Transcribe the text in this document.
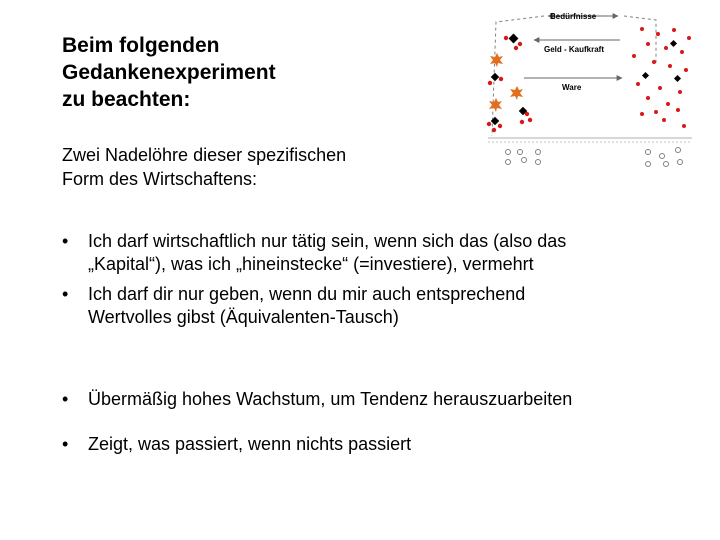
Beim folgenden
Gedankenexperiment
zu beachten:

Zwei Nadelöhre dieser spezifischen
Form des Wirtschaftens:

• Ich darf wirtschaftlich nur tätig sein, wenn sich das (also das
„Kapital“), was ich „hineinstecke“ (=investiere), vermehrt
• Ich darf dir nur geben, wenn du mir auch entsprechend
Wertvolles gibst (Äquivalenten-Tausch)
• Übermäßig hohes Wachstum, um Tendenz herauszuarbeiten
• Zeigt, was passiert, wenn nichts passiert
Bedürfnisse
Geld - Kaufkraft
Ware
